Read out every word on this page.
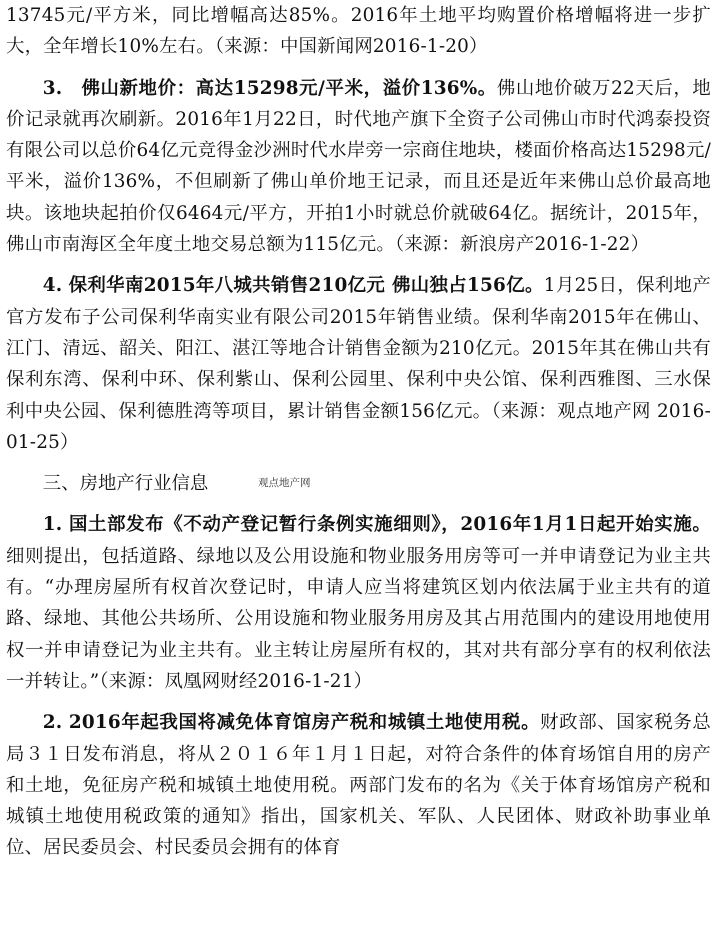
13745元/平方米，同比增幅高达85%。2016年土地平均购置价格增幅将进一步扩大，全年增长10%左右。（来源：中国新闻网2016-1-20）

3.  佛山新地价：高达15298元/平米，溢价136%。佛山地价破万22天后，地价记录就再次刷新。2016年1月22日，时代地产旗下全资子公司佛山市时代鸿泰投资有限公司以总价64亿元竞得金沙洲时代水岸旁一宗商住地块，楼面价格高达15298元/平米，溢价136%，不但刷新了佛山单价地王记录，而且还是近年来佛山总价最高地块。该地块起拍价仅6464元/平方，开拍1小时就总价就破64亿。据统计，2015年，佛山市南海区全年度土地交易总额为115亿元。（来源：新浪房产2016-1-22）

4. 保利华南2015年八城共销售210亿元 佛山独占156亿。1月25日，保利地产官方发布子公司保利华南实业有限公司2015年销售业绩。保利华南2015年在佛山、江门、清远、韶关、阳江、湛江等地合计销售金额为210亿元。2015年其在佛山共有保利东湾、保利中环、保利紫山、保利公园里、保利中央公馆、保利西雅图、三水保利中央公园、保利德胜湾等项目，累计销售金额156亿元。（来源：观点地产网 2016-01-25）

三、房地产行业信息

1. 国土部发布《不动产登记暂行条例实施细则》，2016年1月1日起开始实施。细则提出，包括道路、绿地以及公用设施和物业服务用房等可一并申请登记为业主共有。“办理房屋所有权首次登记时，申请人应当将建筑区划内依法属于业主共有的道路、绿地、其他公共场所、公用设施和物业服务用房及其占用范围内的建设用地使用权一并申请登记为业主共有。业主转让房屋所有权的，其对共有部分享有的权利依法一并转让。”（来源：凤凰网财经2016-1-21）

2. 2016年起我国将减免体育馆房产税和城镇土地使用税。财政部、国家税务总局３１日发布消息，将从２０１６年１月１日起，对符合条件的体育场馆自用的房产和土地，免征房产税和城镇土地使用税。两部门发布的名为《关于体育场馆房产税和城镇土地使用税政策的通知》指出，国家机关、军队、人民团体、财政补助事业单位、居民委员会、村民委员会拥有的体育

观点地产网
